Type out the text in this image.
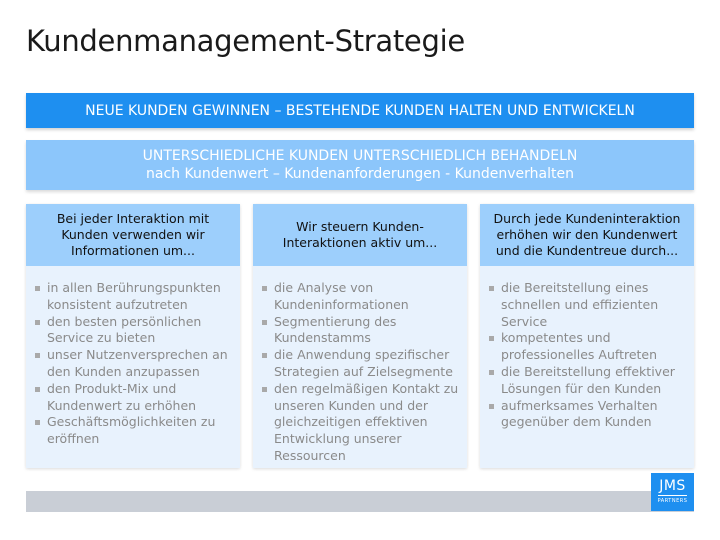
Kundenmanagement-Strategie
NEUE KUNDEN GEWINNEN – BESTEHENDE KUNDEN HALTEN UND ENTWICKELN
UNTERSCHIEDLICHE KUNDEN UNTERSCHIEDLICH BEHANDELN
nach Kundenwert – Kundenanforderungen - Kundenverhalten
Bei jeder Interaktion mit Kunden verwenden wir Informationen um...
in allen Berührungspunkten konsistent aufzutreten
den besten persönlichen Service zu bieten
unser Nutzenversprechen an den Kunden anzupassen
den Produkt-Mix und Kundenwert zu erhöhen
Geschäftsmöglichkeiten zu eröffnen
Wir steuern Kunden-Interaktionen aktiv um...
die Analyse von Kundeninformationen
Segmentierung des Kundenstamms
die Anwendung spezifischer Strategien auf Zielsegmente
den regelmäßigen Kontakt zu unseren Kunden und der gleichzeitigen effektiven Entwicklung unserer Ressourcen
Durch jede Kundeninteraktion erhöhen wir den Kundenwert und die Kundentreue durch...
die Bereitstellung eines schnellen und effizienten Service
kompetentes und professionelles Auftreten
die Bereitstellung effektiver Lösungen für den Kunden
aufmerksames Verhalten gegenüber dem Kunden
JMS
PARTNERS
